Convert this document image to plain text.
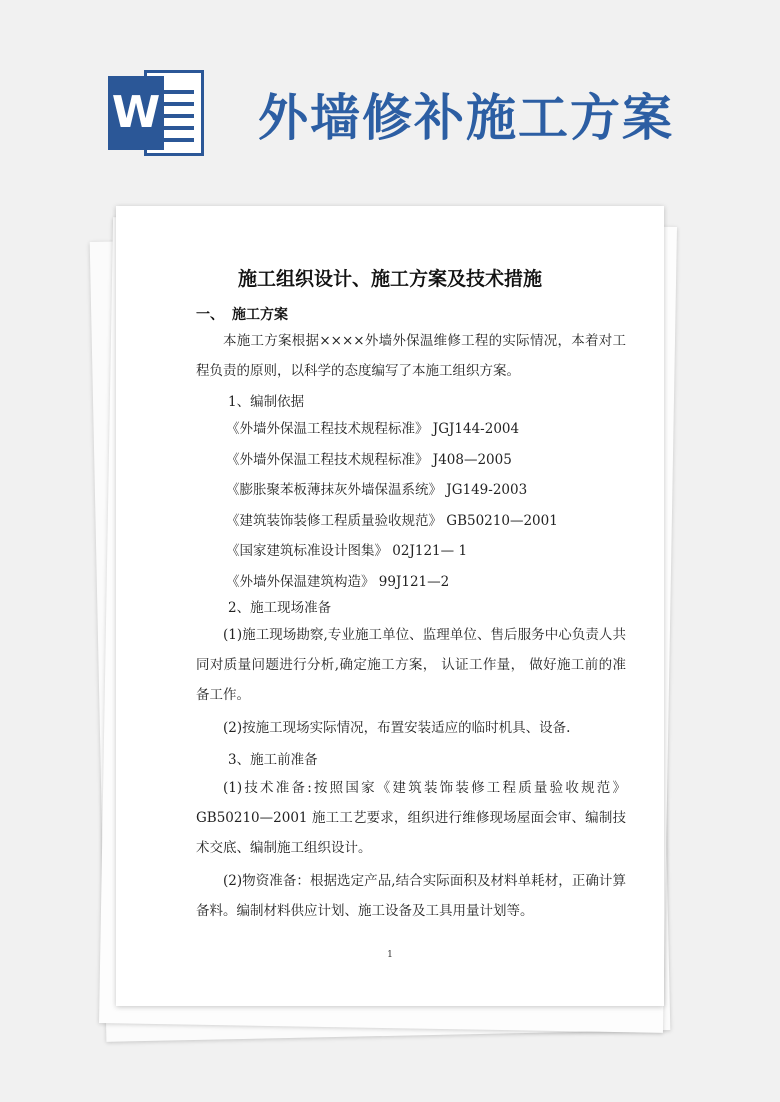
W 外墙修补施工方案
施工组织设计、施工方案及技术措施
一、 施工方案
本施工方案根据××××外墙外保温维修工程的实际情况，本着对工程负责的原则，以科学的态度编写了本施工组织方案。
1、编制依据
《外墙外保温工程技术规程标准》 JGJ144-2004
《外墙外保温工程技术规程标准》 J408—2005
《膨胀聚苯板薄抹灰外墙保温系统》 JG149-2003
《建筑装饰装修工程质量验收规范》 GB50210—2001
《国家建筑标准设计图集》 02J121— 1
《外墙外保温建筑构造》 99J121—2
2、施工现场准备
(1)施工现场勘察,专业施工单位、监理单位、售后服务中心负责人共同对质量问题进行分析,确定施工方案， 认证工作量， 做好施工前的准备工作。
(2)按施工现场实际情况，布置安装适应的临时机具、设备.
3、施工前准备
(1)技术准备:按照国家《建筑装饰装修工程质量验收规范》GB50210—2001 施工工艺要求，组织进行维修现场屋面会审、编制技术交底、编制施工组织设计。
(2)物资准备：根据选定产品,结合实际面积及材料单耗材，正确计算备料。编制材料供应计划、施工设备及工具用量计划等。
1
